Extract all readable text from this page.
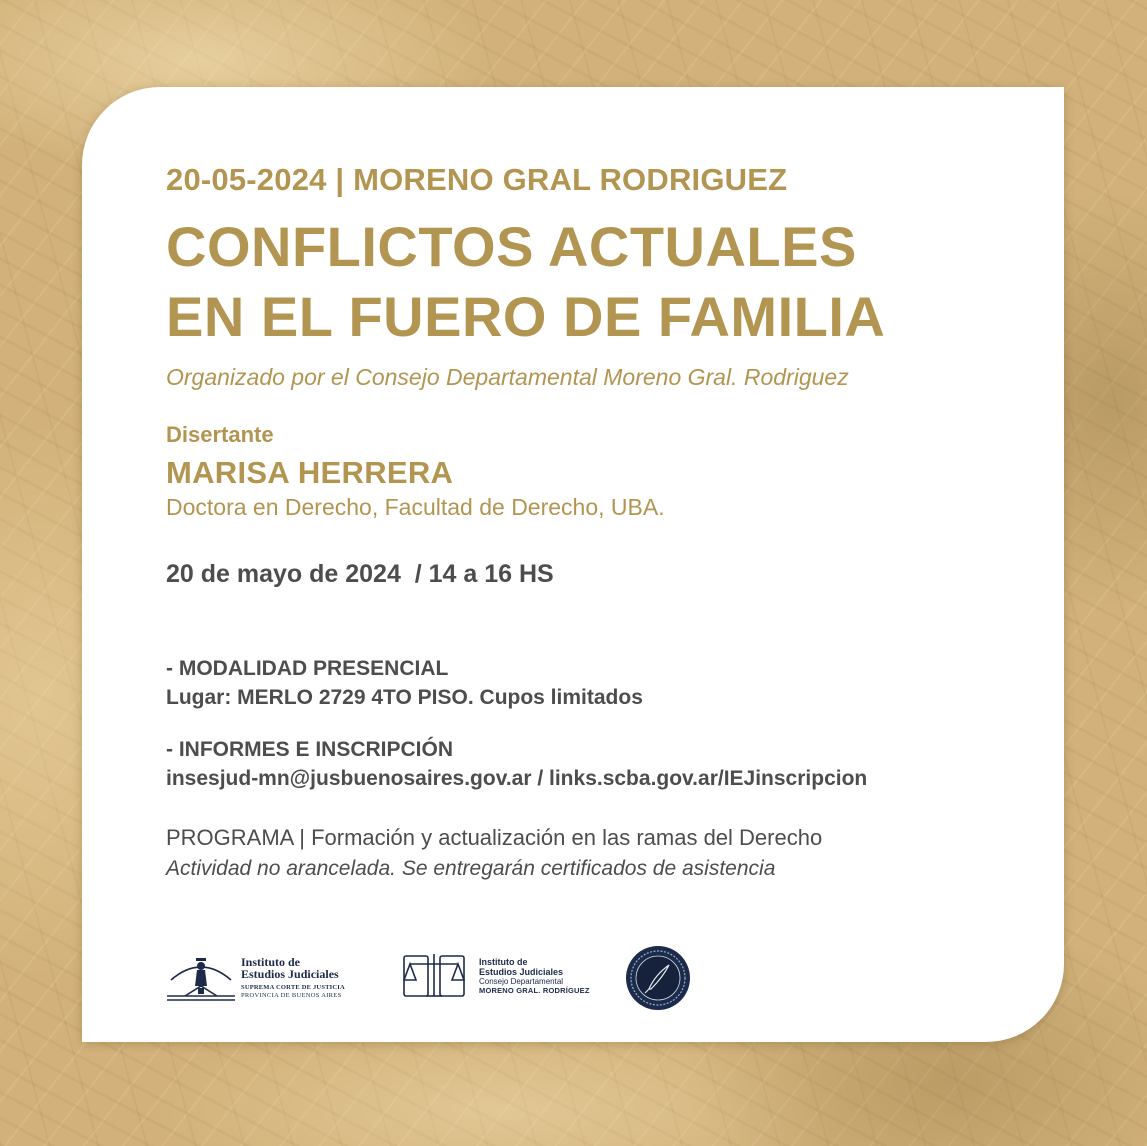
20-05-2024 | MORENO GRAL RODRIGUEZ
CONFLICTOS ACTUALES
EN EL FUERO DE FAMILIA
Organizado por el Consejo Departamental Moreno Gral. Rodriguez
Disertante
MARISA HERRERA
Doctora en Derecho, Facultad de Derecho, UBA.
20 de mayo de 2024  / 14 a 16 HS
- MODALIDAD PRESENCIAL
Lugar: MERLO 2729 4TO PISO. Cupos limitados
- INFORMES E INSCRIPCIÓN
insesjud-mn@jusbuenosaires.gov.ar / links.scba.gov.ar/IEJinscripcion
PROGRAMA | Formación y actualización en las ramas del Derecho
Actividad no arancelada. Se entregarán certificados de asistencia
Instituto de
Estudios Judiciales
SUPREMA CORTE DE JUSTICIA
PROVINCIA DE BUENOS AIRES
Instituto de
Estudios Judiciales
Consejo Departamental
MORENO GRAL. RODRÍGUEZ
